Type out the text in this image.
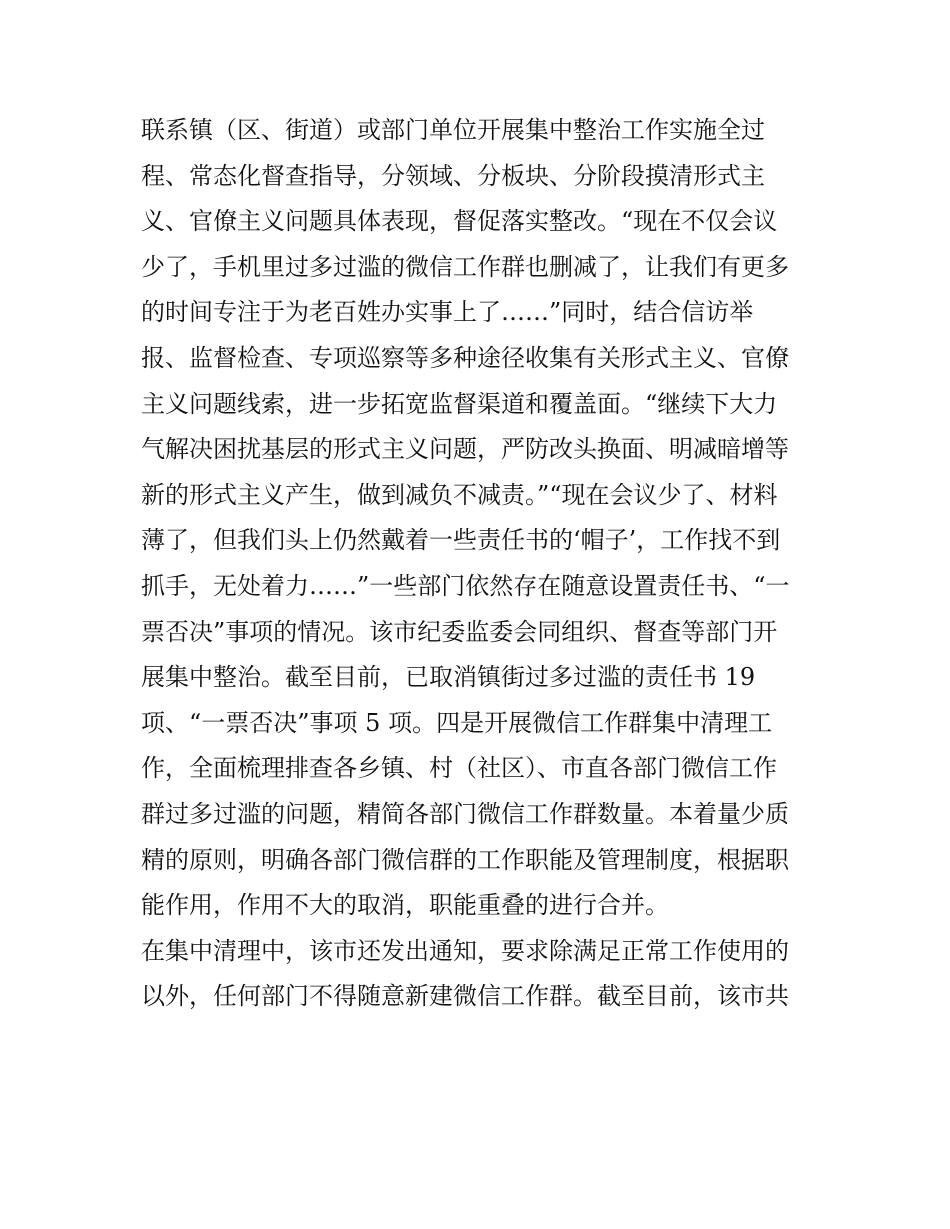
联系镇（区、街道）或部门单位开展集中整治工作实施全过
程、常态化督查指导，分领域、分板块、分阶段摸清形式主
义、官僚主义问题具体表现，督促落实整改。“现在不仅会议
少了，手机里过多过滥的微信工作群也删减了，让我们有更多
的时间专注于为老百姓办实事上了……”同时，结合信访举
报、监督检查、专项巡察等多种途径收集有关形式主义、官僚
主义问题线索，进一步拓宽监督渠道和覆盖面。“继续下大力
气解决困扰基层的形式主义问题，严防改头换面、明减暗增等
新的形式主义产生，做到减负不减责。”“现在会议少了、材料
薄了，但我们头上仍然戴着一些责任书的‘帽子’，工作找不到
抓手，无处着力……”一些部门依然存在随意设置责任书、“一
票否决”事项的情况。该市纪委监委会同组织、督查等部门开
展集中整治。截至目前，已取消镇街过多过滥的责任书 19
项、“一票否决”事项 5 项。四是开展微信工作群集中清理工
作，全面梳理排查各乡镇、村（社区）、市直各部门微信工作
群过多过滥的问题，精简各部门微信工作群数量。本着量少质
精的原则，明确各部门微信群的工作职能及管理制度，根据职
能作用，作用不大的取消，职能重叠的进行合并。
在集中清理中，该市还发出通知，要求除满足正常工作使用的
以外，任何部门不得随意新建微信工作群。截至目前，该市共
